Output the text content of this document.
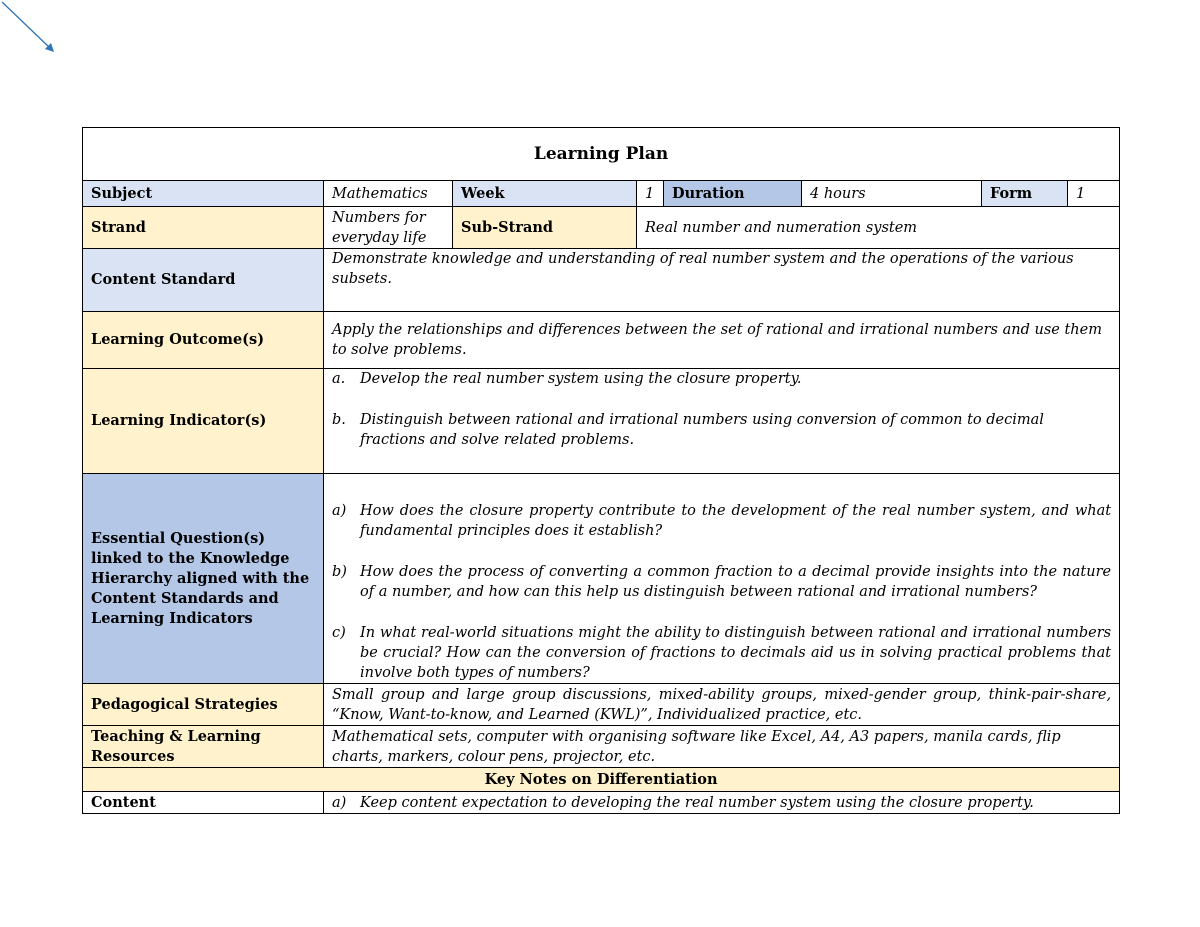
Learning Plan							
Subject	Mathematics	Week	1	Duration	4 hours	Form	1
Strand	Numbers for everyday life	Sub-Strand	Real number and numeration system				
Content Standard	Demonstrate knowledge and understanding of real number system and the operations of the various subsets.						
Learning Outcome(s)	Apply the relationships and differences between the set of rational and irrational numbers and use them to solve problems.						
Learning Indicator(s)	a. Develop the real number system using the closure property.

b. Distinguish between rational and irrational numbers using conversion of common to decimal fractions and solve related problems.						

Essential Question(s) linked to the Knowledge Hierarchy aligned with the Content Standards and Learning Indicators	a) How does the closure property contribute to the development of the real number system, and what fundamental principles does it establish?

b) How does the process of converting a common fraction to a decimal provide insights into the nature of a number, and how can this help us distinguish between rational and irrational numbers?

c) In what real-world situations might the ability to distinguish between rational and irrational numbers be crucial? How can the conversion of fractions to decimals aid us in solving practical problems that involve both types of numbers?						

Pedagogical Strategies	Small group and large group discussions, mixed-ability groups, mixed-gender group, think-pair-share, “Know, Want-to-know, and Learned (KWL)”, Individualized practice, etc.						
Teaching & Learning Resources	Mathematical sets, computer with organising software like Excel, A4, A3 papers, manila cards, flip charts, markers, colour pens, projector, etc.						
Key Notes on Differentiation							
Content	a) Keep content expectation to developing the real number system using the closure property.						
